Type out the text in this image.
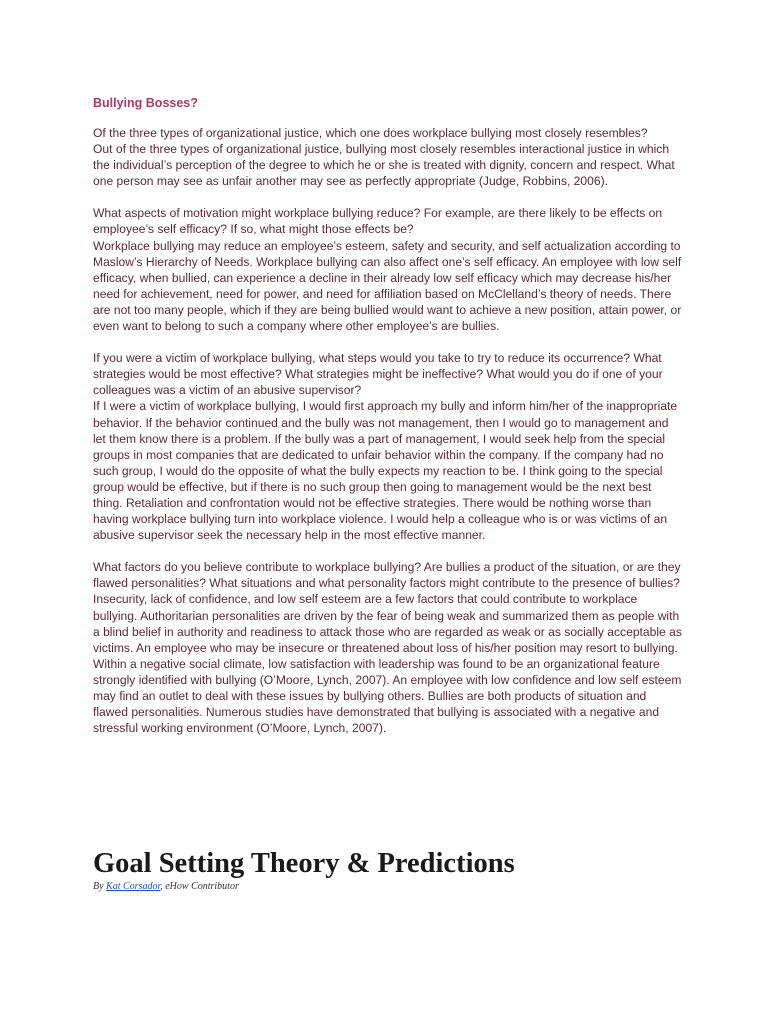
Bullying Bosses?

Of the three types of organizational justice, which one does workplace bullying most closely resembles?

Out of the three types of organizational justice, bullying most closely resembles interactional justice in which the individual’s perception of the degree to which he or she is treated with dignity, concern and respect. What one person may see as unfair another may see as perfectly appropriate (Judge, Robbins, 2006).

What aspects of motivation might workplace bullying reduce? For example, are there likely to be effects on employee’s self efficacy? If so, what might those effects be?

Workplace bullying may reduce an employee’s esteem, safety and security, and self actualization according to Maslow’s Hierarchy of Needs. Workplace bullying can also affect one’s self efficacy. An employee with low self efficacy, when bullied, can experience a decline in their already low self efficacy which may decrease his/her need for achievement, need for power, and need for affiliation based on McClelland’s theory of needs. There are not too many people, which if they are being bullied would want to achieve a new position, attain power, or even want to belong to such a company where other employee’s are bullies.

If you were a victim of workplace bullying, what steps would you take to try to reduce its occurrence? What strategies would be most effective? What strategies might be ineffective? What would you do if one of your colleagues was a victim of an abusive supervisor?

If I were a victim of workplace bullying, I would first approach my bully and inform him/her of the inappropriate behavior. If the behavior continued and the bully was not management, then I would go to management and let them know there is a problem. If the bully was a part of management, I would seek help from the special groups in most companies that are dedicated to unfair behavior within the company. If the company had no such group, I would do the opposite of what the bully expects my reaction to be. I think going to the special group would be effective, but if there is no such group then going to management would be the next best thing. Retaliation and confrontation would not be effective strategies. There would be nothing worse than having workplace bullying turn into workplace violence. I would help a colleague who is or was victims of an abusive supervisor seek the necessary help in the most effective manner.

What factors do you believe contribute to workplace bullying? Are bullies a product of the situation, or are they flawed personalities? What situations and what personality factors might contribute to the presence of bullies?

Insecurity, lack of confidence, and low self esteem are a few factors that could contribute to workplace bullying. Authoritarian personalities are driven by the fear of being weak and summarized them as people with a blind belief in authority and readiness to attack those who are regarded as weak or as socially acceptable as victims. An employee who may be insecure or threatened about loss of his/her position may resort to bullying. Within a negative social climate, low satisfaction with leadership was found to be an organizational feature strongly identified with bullying (O’Moore, Lynch, 2007). An employee with low confidence and low self esteem may find an outlet to deal with these issues by bullying others. Bullies are both products of situation and flawed personalities. Numerous studies have demonstrated that bullying is associated with a negative and stressful working environment (O’Moore, Lynch, 2007).

Goal Setting Theory & Predictions
By Kat Corsador, eHow Contributor
